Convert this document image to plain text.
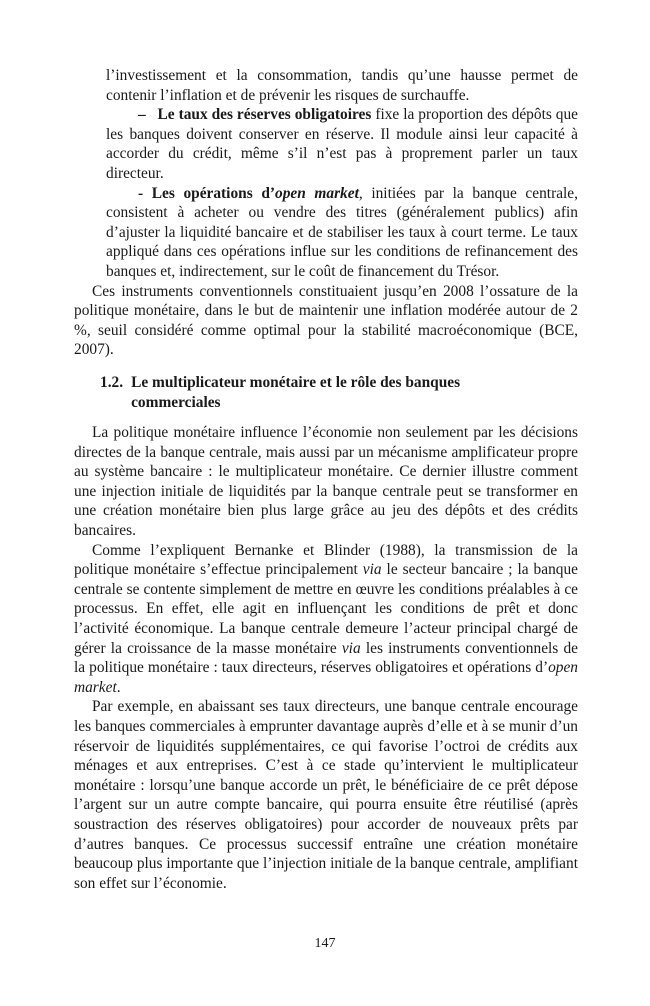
l’investissement et la consommation, tandis qu’une hausse permet de contenir l’inflation et de prévenir les risques de surchauffe.

– Le taux des réserves obligatoires fixe la proportion des dépôts que les banques doivent conserver en réserve. Il module ainsi leur capacité à accorder du crédit, même s’il n’est pas à proprement parler un taux directeur.

- Les opérations d’open market, initiées par la banque centrale, consistent à acheter ou vendre des titres (généralement publics) afin d’ajuster la liquidité bancaire et de stabiliser les taux à court terme. Le taux appliqué dans ces opérations influe sur les conditions de refinancement des banques et, indirectement, sur le coût de financement du Trésor.

Ces instruments conventionnels constituaient jusqu’en 2008 l’ossature de la politique monétaire, dans le but de maintenir une inflation modérée autour de 2 %, seuil considéré comme optimal pour la stabilité macroéconomique (BCE, 2007).

1.2. Le multiplicateur monétaire et le rôle des banques commerciales

La politique monétaire influence l’économie non seulement par les décisions directes de la banque centrale, mais aussi par un mécanisme amplificateur propre au système bancaire : le multiplicateur monétaire. Ce dernier illustre comment une injection initiale de liquidités par la banque centrale peut se transformer en une création monétaire bien plus large grâce au jeu des dépôts et des crédits bancaires.

Comme l’expliquent Bernanke et Blinder (1988), la transmission de la politique monétaire s’effectue principalement via le secteur bancaire ; la banque centrale se contente simplement de mettre en œuvre les conditions préalables à ce processus. En effet, elle agit en influençant les conditions de prêt et donc l’activité économique. La banque centrale demeure l’acteur principal chargé de gérer la croissance de la masse monétaire via les instruments conventionnels de la politique monétaire : taux directeurs, réserves obligatoires et opérations d’open market.

Par exemple, en abaissant ses taux directeurs, une banque centrale encourage les banques commerciales à emprunter davantage auprès d’elle et à se munir d’un réservoir de liquidités supplémentaires, ce qui favorise l’octroi de crédits aux ménages et aux entreprises. C’est à ce stade qu’intervient le multiplicateur monétaire : lorsqu’une banque accorde un prêt, le bénéficiaire de ce prêt dépose l’argent sur un autre compte bancaire, qui pourra ensuite être réutilisé (après soustraction des réserves obligatoires) pour accorder de nouveaux prêts par d’autres banques. Ce processus successif entraîne une création monétaire beaucoup plus importante que l’injection initiale de la banque centrale, amplifiant son effet sur l’économie.

147
